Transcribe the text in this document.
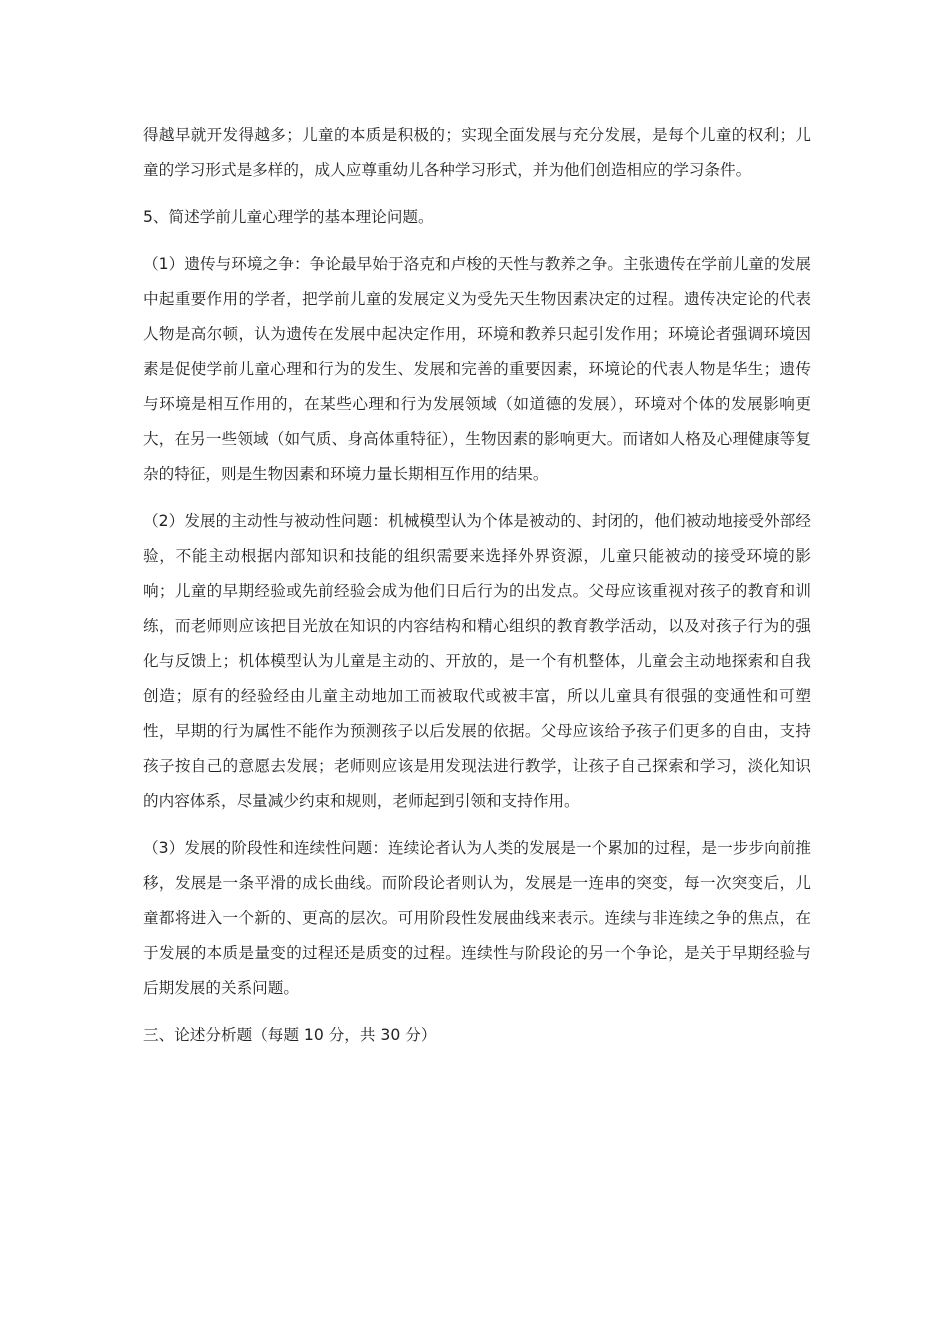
得越早就开发得越多；儿童的本质是积极的；实现全面发展与充分发展，是每个儿童的权利；儿童的学习形式是多样的，成人应尊重幼儿各种学习形式，并为他们创造相应的学习条件。

5、简述学前儿童心理学的基本理论问题。

（1）遗传与环境之争：争论最早始于洛克和卢梭的天性与教养之争。主张遗传在学前儿童的发展中起重要作用的学者，把学前儿童的发展定义为受先天生物因素决定的过程。遗传决定论的代表人物是高尔顿，认为遗传在发展中起决定作用，环境和教养只起引发作用；环境论者强调环境因素是促使学前儿童心理和行为的发生、发展和完善的重要因素，环境论的代表人物是华生；遗传与环境是相互作用的，在某些心理和行为发展领域（如道德的发展），环境对个体的发展影响更大，在另一些领域（如气质、身高体重特征），生物因素的影响更大。而诸如人格及心理健康等复杂的特征，则是生物因素和环境力量长期相互作用的结果。

（2）发展的主动性与被动性问题：机械模型认为个体是被动的、封闭的，他们被动地接受外部经验，不能主动根据内部知识和技能的组织需要来选择外界资源，儿童只能被动的接受环境的影响；儿童的早期经验或先前经验会成为他们日后行为的出发点。父母应该重视对孩子的教育和训练，而老师则应该把目光放在知识的内容结构和精心组织的教育教学活动，以及对孩子行为的强化与反馈上；机体模型认为儿童是主动的、开放的，是一个有机整体，儿童会主动地探索和自我创造；原有的经验经由儿童主动地加工而被取代或被丰富，所以儿童具有很强的变通性和可塑性，早期的行为属性不能作为预测孩子以后发展的依据。父母应该给予孩子们更多的自由，支持孩子按自己的意愿去发展；老师则应该是用发现法进行教学，让孩子自己探索和学习，淡化知识的内容体系，尽量减少约束和规则，老师起到引领和支持作用。

（3）发展的阶段性和连续性问题：连续论者认为人类的发展是一个累加的过程，是一步步向前推移，发展是一条平滑的成长曲线。而阶段论者则认为，发展是一连串的突变，每一次突变后，儿童都将进入一个新的、更高的层次。可用阶段性发展曲线来表示。连续与非连续之争的焦点，在于发展的本质是量变的过程还是质变的过程。连续性与阶段论的另一个争论，是关于早期经验与后期发展的关系问题。

三、论述分析题（每题 10 分，共 30 分）
